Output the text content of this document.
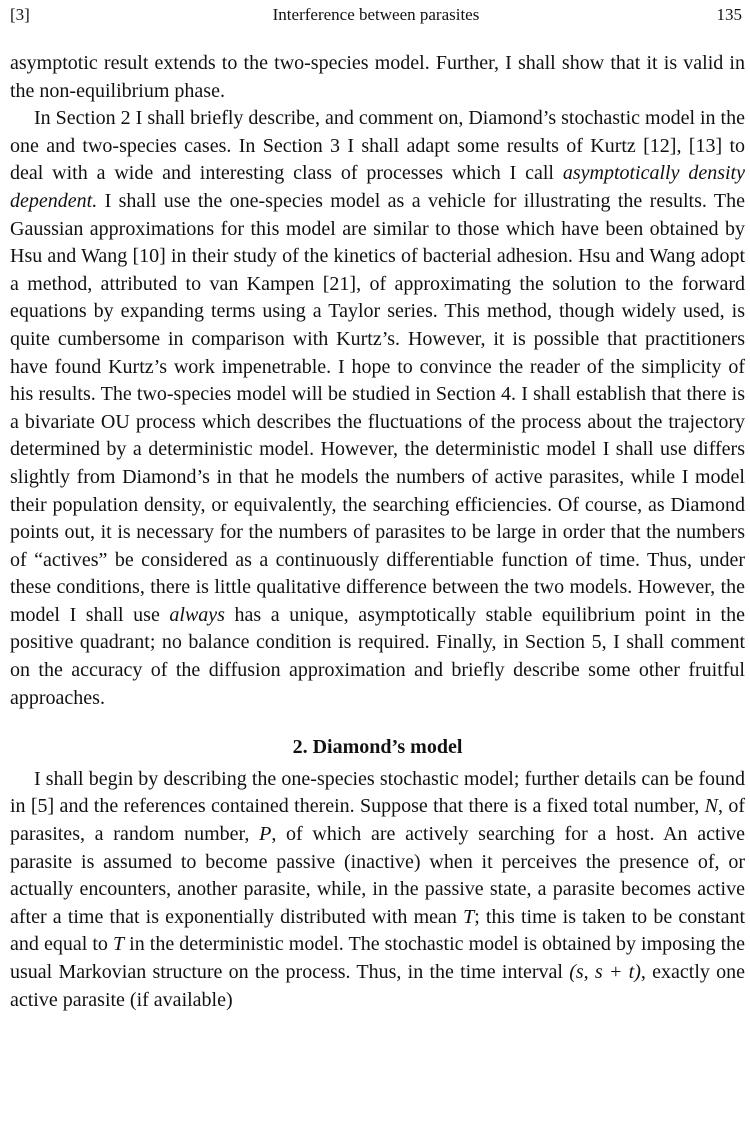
[3]	Interference between parasites	135

asymptotic result extends to the two-species model. Further, I shall show that it is valid in the non-equilibrium phase.

In Section 2 I shall briefly describe, and comment on, Diamond’s stochastic model in the one and two-species cases. In Section 3 I shall adapt some results of Kurtz [12], [13] to deal with a wide and interesting class of processes which I call asymptotically density dependent. I shall use the one-species model as a vehicle for illustrating the results. The Gaussian approximations for this model are similar to those which have been obtained by Hsu and Wang [10] in their study of the kinetics of bacterial adhesion. Hsu and Wang adopt a method, attributed to van Kampen [21], of approximating the solution to the forward equations by expanding terms using a Taylor series. This method, though widely used, is quite cumbersome in comparison with Kurtz’s. However, it is possible that practitioners have found Kurtz’s work impenetrable. I hope to convince the reader of the simplicity of his results. The two-species model will be studied in Section 4. I shall establish that there is a bivariate OU process which describes the fluctuations of the process about the trajectory determined by a deterministic model. However, the deterministic model I shall use differs slightly from Diamond’s in that he models the numbers of active parasites, while I model their population density, or equivalently, the searching efficiencies. Of course, as Diamond points out, it is necessary for the numbers of parasites to be large in order that the numbers of “actives” be considered as a continuously differentiable function of time. Thus, under these conditions, there is little qualitative difference between the two models. However, the model I shall use always has a unique, asymptotically stable equilibrium point in the positive quadrant; no balance condition is required. Finally, in Section 5, I shall comment on the accuracy of the diffusion approximation and briefly describe some other fruitful approaches.

2. Diamond’s model

I shall begin by describing the one-species stochastic model; further details can be found in [5] and the references contained therein. Suppose that there is a fixed total number, N, of parasites, a random number, P, of which are actively searching for a host. An active parasite is assumed to become passive (inactive) when it perceives the presence of, or actually encounters, another parasite, while, in the passive state, a parasite becomes active after a time that is exponentially distributed with mean T; this time is taken to be constant and equal to T in the deterministic model. The stochastic model is obtained by imposing the usual Markovian structure on the process. Thus, in the time interval (s, s + t), exactly one active parasite (if available)
